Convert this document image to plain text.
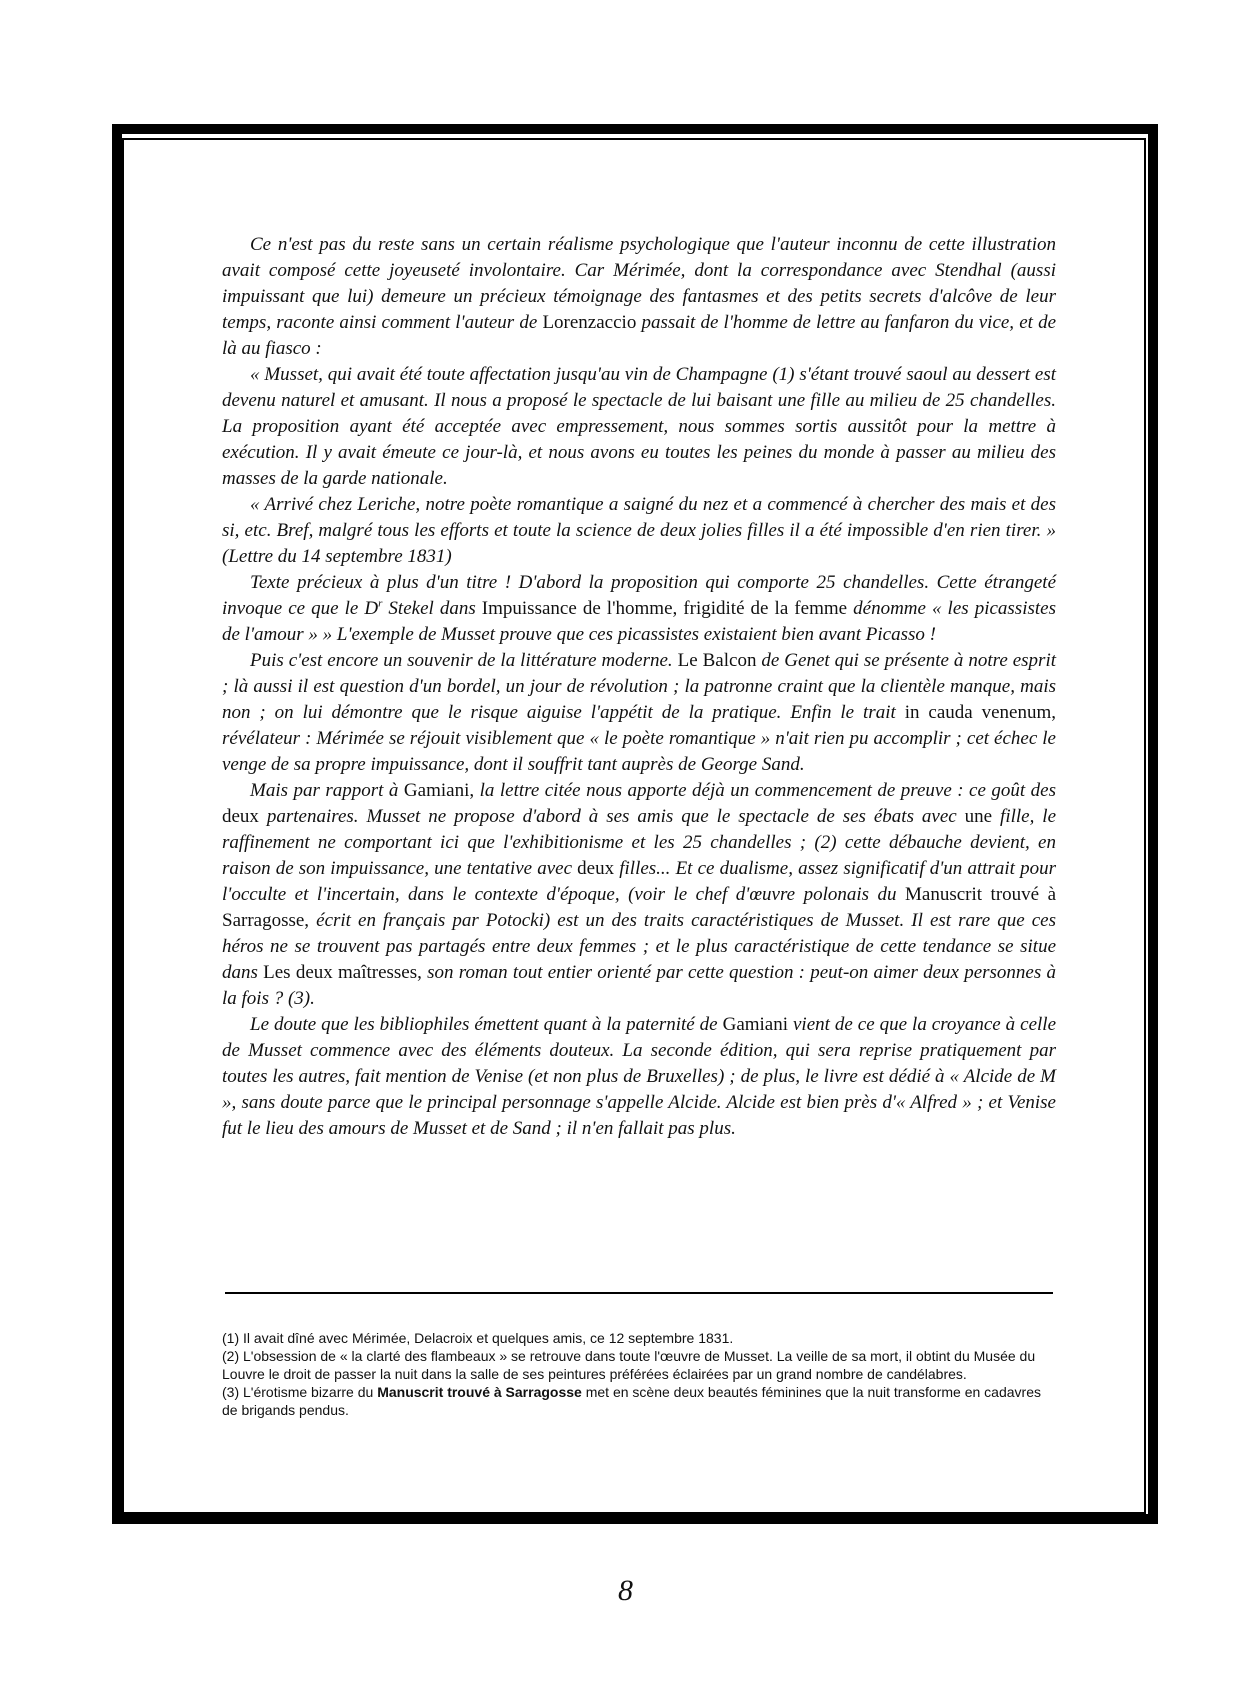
Ce n'est pas du reste sans un certain réalisme psychologique que l'auteur inconnu de cette illustration avait composé cette joyeuseté involontaire. Car Mérimée, dont la correspondance avec Stendhal (aussi impuissant que lui) demeure un précieux témoignage des fantasmes et des petits secrets d'alcôve de leur temps, raconte ainsi comment l'auteur de Lorenzaccio passait de l'homme de lettre au fanfaron du vice, et de là au fiasco :

« Musset, qui avait été toute affectation jusqu'au vin de Champagne (1) s'étant trouvé saoul au dessert est devenu naturel et amusant. Il nous a proposé le spectacle de lui baisant une fille au milieu de 25 chandelles. La proposition ayant été acceptée avec empressement, nous sommes sortis aussitôt pour la mettre à exécution. Il y avait émeute ce jour-là, et nous avons eu toutes les peines du monde à passer au milieu des masses de la garde nationale.

« Arrivé chez Leriche, notre poète romantique a saigné du nez et a commencé à chercher des mais et des si, etc. Bref, malgré tous les efforts et toute la science de deux jolies filles il a été impossible d'en rien tirer. » (Lettre du 14 septembre 1831)

Texte précieux à plus d'un titre ! D'abord la proposition qui comporte 25 chandelles. Cette étrangeté invoque ce que le $D^r$ Stekel dans Impuissance de l'homme, frigidité de la femme dénomme « les picassistes de l'amour » » L'exemple de Musset prouve que ces picassistes existaient bien avant Picasso !

Puis c'est encore un souvenir de la littérature moderne. Le Balcon de Genet qui se présente à notre esprit ; là aussi il est question d'un bordel, un jour de révolution ; la patronne craint que la clientèle manque, mais non ; on lui démontre que le risque aiguise l'appétit de la pratique. Enfin le trait in cauda venenum, révélateur : Mérimée se réjouit visiblement que « le poète romantique » n'ait rien pu accomplir ; cet échec le venge de sa propre impuissance, dont il souffrit tant auprès de George Sand.

Mais par rapport à Gamiani, la lettre citée nous apporte déjà un commencement de preuve : ce goût des deux partenaires. Musset ne propose d'abord à ses amis que le spectacle de ses ébats avec une fille, le raffinement ne comportant ici que l'exhibitionisme et les 25 chandelles ; (2) cette débauche devient, en raison de son impuissance, une tentative avec deux filles... Et ce dualisme, assez significatif d'un attrait pour l'occulte et l'incertain, dans le contexte d'époque, (voir le chef d'œuvre polonais du Manuscrit trouvé à Sarragosse, écrit en français par Potocki) est un des traits caractéristiques de Musset. Il est rare que ces héros ne se trouvent pas partagés entre deux femmes ; et le plus caractéristique de cette tendance se situe dans Les deux maîtresses, son roman tout entier orienté par cette question : peut-on aimer deux personnes à la fois ? (3).

Le doute que les bibliophiles émettent quant à la paternité de Gamiani vient de ce que la croyance à celle de Musset commence avec des éléments douteux. La seconde édition, qui sera reprise pratiquement par toutes les autres, fait mention de Venise (et non plus de Bruxelles) ; de plus, le livre est dédié à « Alcide de M », sans doute parce que le principal personnage s'appelle Alcide. Alcide est bien près d'« Alfred » ; et Venise fut le lieu des amours de Musset et de Sand ; il n'en fallait pas plus.

(1) Il avait dîné avec Mérimée, Delacroix et quelques amis, ce 12 septembre 1831.

(2) L'obsession de « la clarté des flambeaux » se retrouve dans toute l'œuvre de Musset. La veille de sa mort, il obtint du Musée du Louvre le droit de passer la nuit dans la salle de ses peintures préférées éclairées par un grand nombre de candélabres.

(3) L'érotisme bizarre du Manuscrit trouvé à Sarragosse met en scène deux beautés féminines que la nuit transforme en cadavres de brigands pendus.

8
